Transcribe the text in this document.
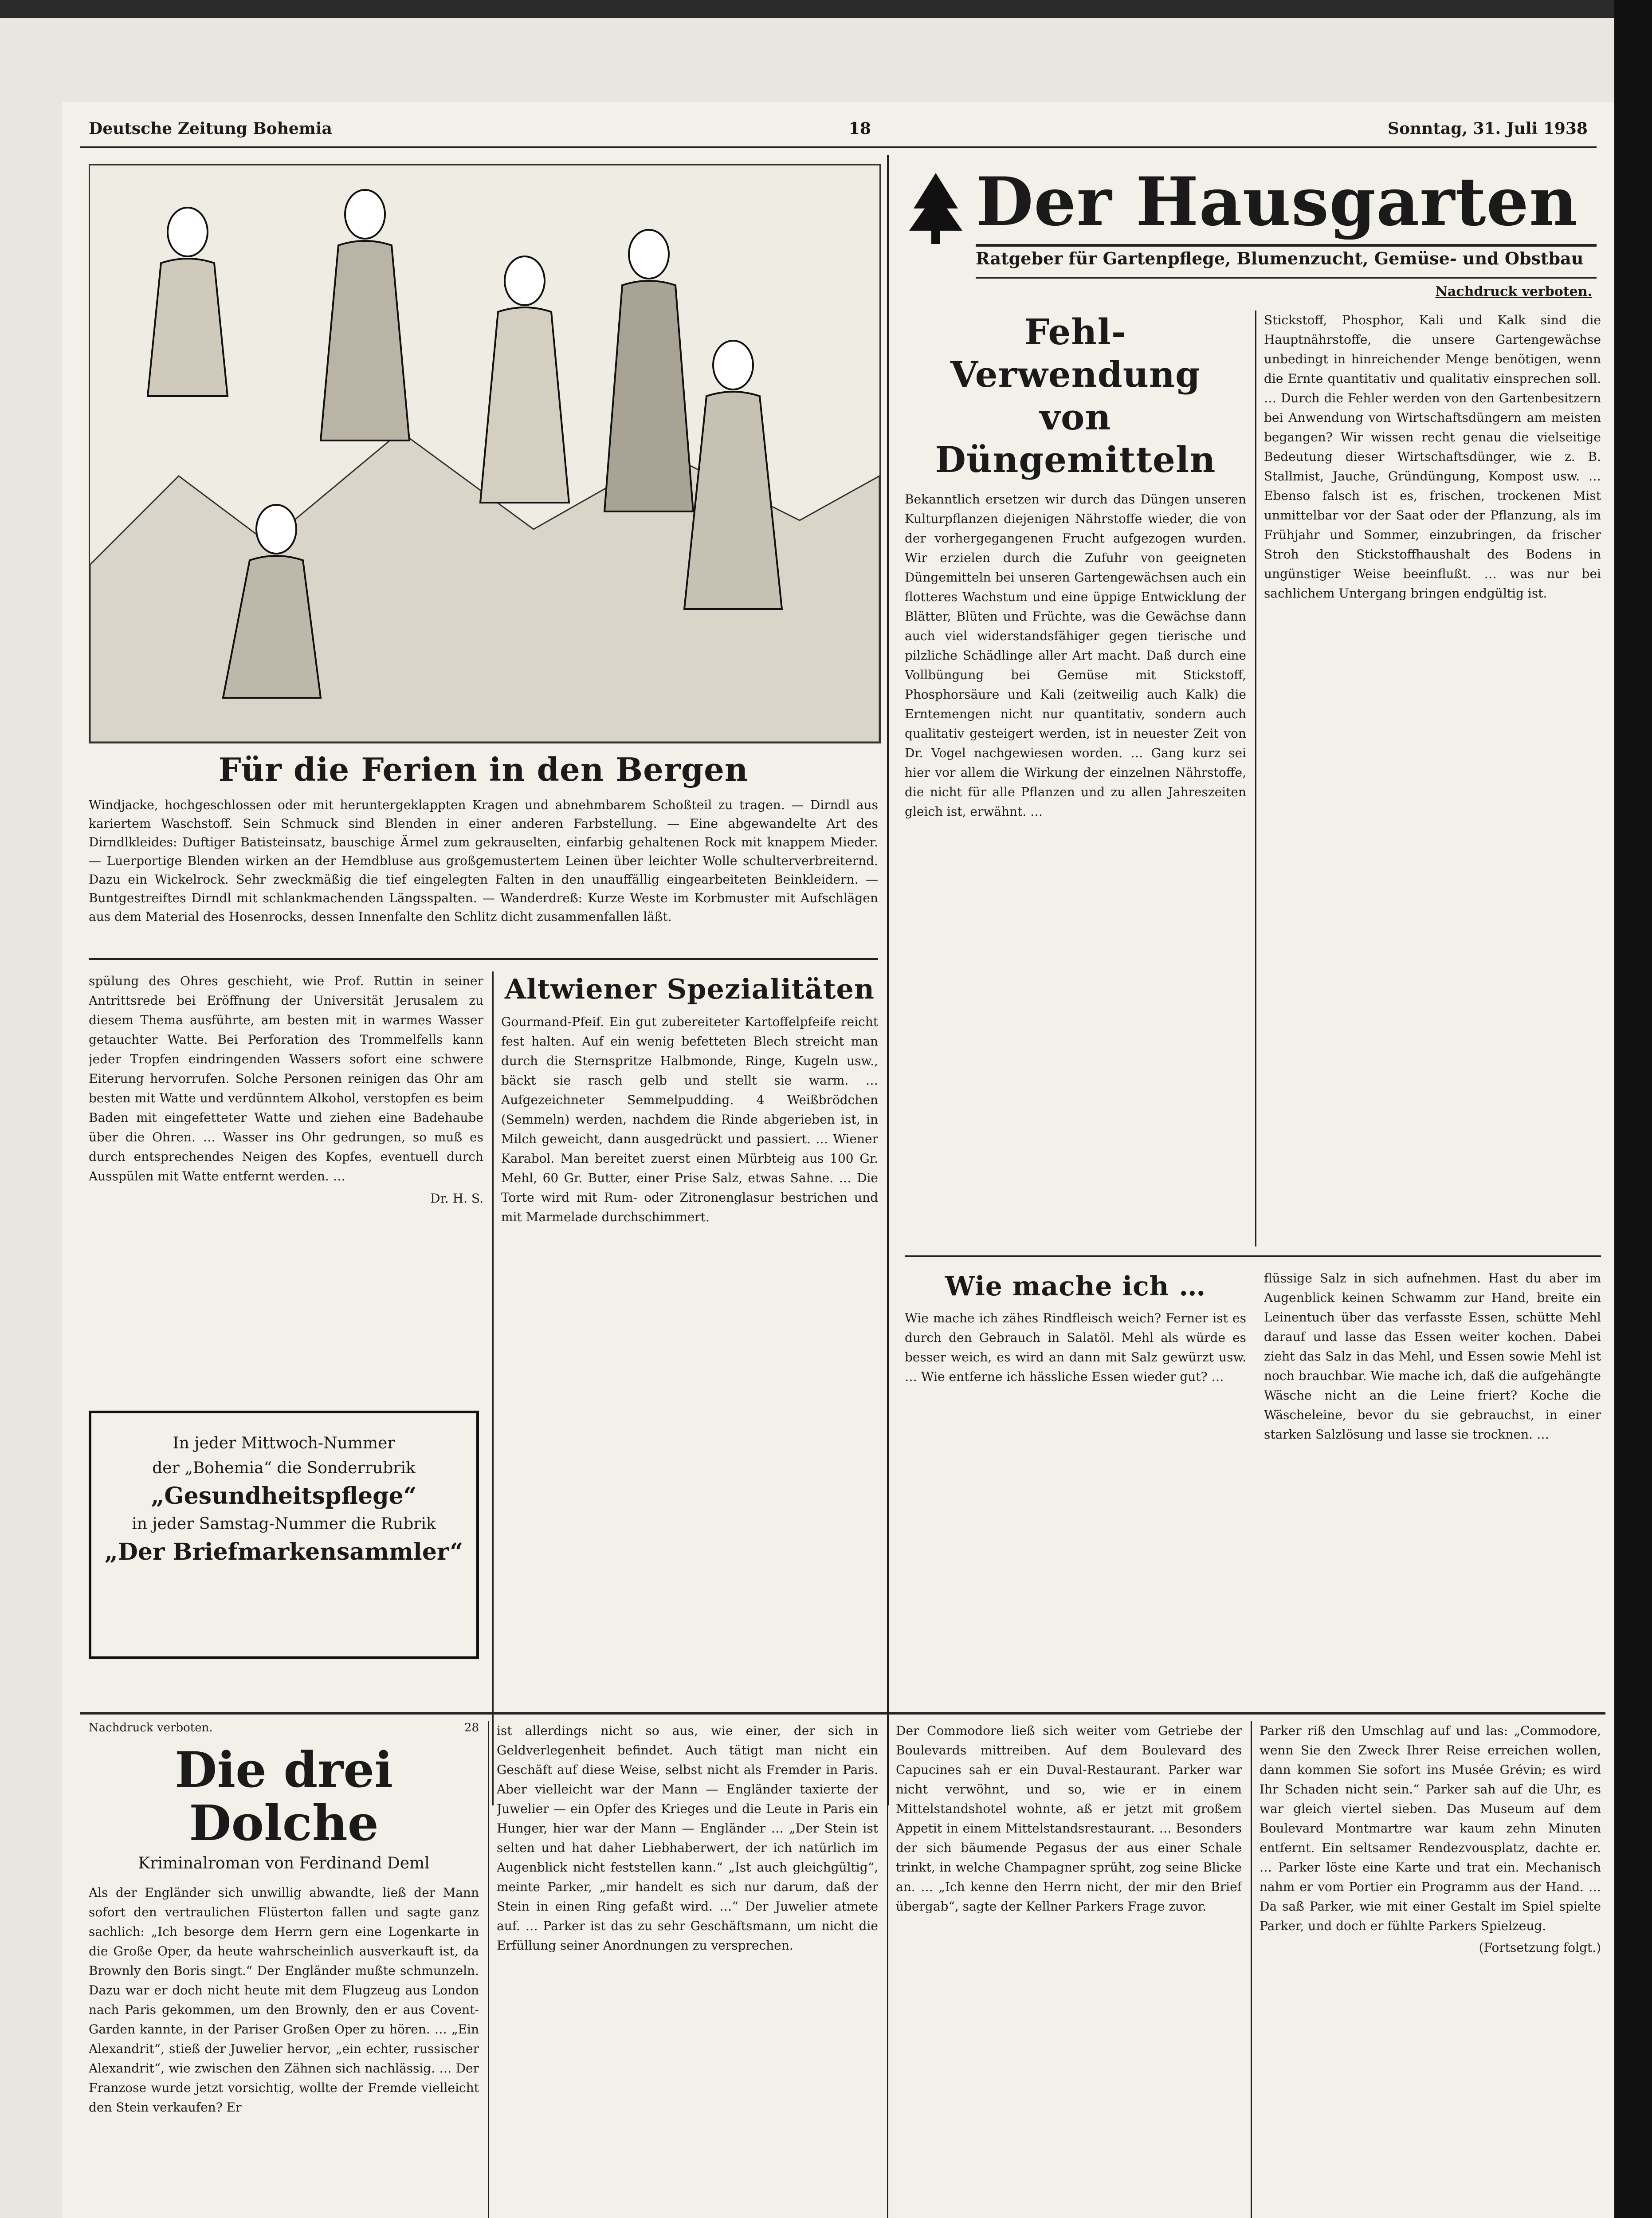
Deutsche Zeitung Bohemia	18	Sonntag, 31. Juli 1938
Für die Ferien in den Bergen
Windjacke, hochgeschlossen oder mit heruntergeklappten Kragen und abnehmbarem Schoßteil zu tragen. — Dirndl aus kariertem Waschstoff. Sein Schmuck sind Blenden in einer anderen Farbstellung. — Eine abgewandelte Art des Dirndlkleides: Duftiger Batisteinsatz, bauschige Ärmel zum gekrauselten, einfarbig gehaltenen Rock mit knappem Mieder. — Luerportige Blenden wirken an der Hemdbluse aus großgemustertem Leinen über leichter Wolle schulterverbreiternd. Dazu ein Wickelrock. Sehr zweckmäßig die tief eingelegten Falten in den unauffällig eingearbeiteten Beinkleidern. — Buntgestreiftes Dirndl mit schlankmachenden Längsspalten. — Wanderdreß: Kurze Weste im Korbmuster mit Aufschlägen aus dem Material des Hosenrocks, dessen Innenfalte den Schlitz dicht zusammenfallen läßt.
spülung des Ohres geschieht, wie Prof. Ruttin in seiner Antrittsrede bei Eröffnung der Universität Jerusalem zu diesem Thema ausführte, am besten mit in warmes Wasser getauchter Watte. Bei Perforation des Trommelfells kann jeder Tropfen eindringenden Wassers sofort eine schwere Eiterung hervorrufen. Solche Personen reinigen das Ohr am besten mit Watte und verdünntem Alkohol, verstopfen es beim Baden mit eingefetteter Watte und ziehen eine Badehaube über die Ohren. … Wasser ins Ohr gedrungen, so muß es durch entsprechendes Neigen des Kopfes, eventuell durch Ausspülen mit Watte entfernt werden. …
Dr. H. S.
Altwiener Spezialitäten
Gourmand-Pfeif. Ein gut zubereiteter Kartoffelpfeife reicht fest halten. Auf ein wenig befetteten Blech streicht man durch die Sternspritze Halbmonde, Ringe, Kugeln usw., bäckt sie rasch gelb und stellt sie warm. … Aufgezeichneter Semmelpudding. 4 Weißbrödchen (Semmeln) werden, nachdem die Rinde abgerieben ist, in Milch geweicht, dann ausgedrückt und passiert. … Wiener Karabol. Man bereitet zuerst einen Mürbteig aus 100 Gr. Mehl, 60 Gr. Butter, einer Prise Salz, etwas Sahne. … Die Torte wird mit Rum- oder Zitronenglasur bestrichen und mit Marmelade durchschimmert.
In jeder Mittwoch-Nummer
der „Bohemia“ die Sonderrubrik
„Gesundheitspflege“
in jeder Samstag-Nummer die Rubrik
„Der Briefmarkensammler“
Der Hausgarten
Ratgeber für Gartenpflege, Blumenzucht, Gemüse- und Obstbau
Nachdruck verboten.
Fehl-Verwendung
von Düngemitteln
Bekanntlich ersetzen wir durch das Düngen unseren Kulturpflanzen diejenigen Nährstoffe wieder, die von der vorhergegangenen Frucht aufgezogen wurden. Wir erzielen durch die Zufuhr von geeigneten Düngemitteln bei unseren Gartengewächsen auch ein flotteres Wachstum und eine üppige Entwicklung der Blätter, Blüten und Früchte, was die Gewächse dann auch viel widerstandsfähiger gegen tierische und pilzliche Schädlinge aller Art macht. Daß durch eine Vollbüngung bei Gemüse mit Stickstoff, Phosphorsäure und Kali (zeitweilig auch Kalk) die Ernteme‍ngen nicht nur quantitativ, sondern auch qualitativ gesteigert werden, ist in neuester Zeit von Dr. Vogel nachgewiesen worden. … Gang kurz sei hier vor allem die Wirkung der einzelnen Nährstoffe, die nicht für alle Pflanzen und zu allen Jahreszeiten gleich ist, erwähnt. …
Stickstoff, Phosphor, Kali und Kalk sind die Haupt‍nährstoffe, die unsere Gartengewächse unbedingt in hinreichender Menge benötigen, wenn die Ernte quantitativ und qualitativ einsprechen soll. … Durch die Fehler werden von den Gartenbesitzern bei Anwendung von Wirtschaftsdüngern am meisten begangen? Wir wissen recht genau die vielseitige Bedeutung dieser Wirtschaftsdünger, wie z. B. Stallmist, Jauche, Gründüngung, Kompost usw. … Ebenso falsch ist es, frischen, trockenen Mist unmittelbar vor der Saat oder der Pflanzung, als im Frühjahr und Sommer, einzubringen, da frischer Stroh den Stickstoffhaushalt des Bodens in ungünstiger Weise beeinflußt. … was nur bei sachlichem Untergang bringen endgültig ist.
Wie mache ich …
Wie mache ich zähes Rindfleisch weich? Ferner ist es durch den Gebrauch in Salatöl. Mehl als würde es besser weich, es wird an dann mit Salz gewürzt usw. … Wie entferne ich hässliche Essen wieder gut? …
flüssige Salz in sich aufnehmen. Hast du aber im Augenblick keinen Schwamm zur Hand, breite ein Leinentuch über das verfasste Essen, schütte Mehl darauf und lasse das Essen weiter kochen. Dabei zieht das Salz in das Mehl, und Essen sowie Mehl ist noch brauchbar. Wie mache ich, daß die aufgehängte Wäsche nicht an die Leine friert? Koche die Wäscheleine, bevor du sie gebrauchst, in einer starken Salzlösung und lasse sie trocknen. …
Nachdruck verboten.	28
Die drei Dolche
Kriminalroman von Ferdinand Deml
Als der Engländer sich unwillig abwandte, ließ der Mann sofort den vertraulichen Flüsterton fallen und sagte ganz sachlich: „Ich besorge dem Herrn gern eine Logenkarte in die Große Oper, da heute wahrscheinlich ausverkauft ist, da Brownly den Boris singt.“ Der Engländer mußte schmunzeln. Dazu war er doch nicht heute mit dem Flugzeug aus London nach Paris gekommen, um den Brownly, den er aus Covent-Garden kannte, in der Pariser Großen Oper zu hören. … „Ein Alexandrit“, stieß der Juwelier hervor, „ein echter, russischer Alexandrit“, wie zwischen den Zähnen sich nachlässig. … Der Franzose wurde jetzt vorsichtig, wollte der Fremde vielleicht den Stein verkaufen? Er
ist allerdings nicht so aus, wie einer, der sich in Geldverlegenheit befindet. Auch tätigt man nicht ein Geschäft auf diese Weise, selbst nicht als Fremder in Paris. Aber vielleicht war der Mann — Engländer taxierte der Juwelier — ein Opfer des Krieges und die Leute in Paris ein Hunger, hier war der Mann — Engländer … „Der Stein ist selten und hat daher Liebhaberwert, der ich natürlich im Augenblick nicht feststellen kann.“ „Ist auch gleichgültig“, meinte Parker, „mir handelt es sich nur darum, daß der Stein in einen Ring gefaßt wird. …“ Der Juwelier atmete auf. … Parker ist das zu sehr Geschäftsmann, um nicht die Erfüllung seiner Anordnungen zu versprechen.
Der Commodore ließ sich weiter vom Getriebe der Boulevards mittreiben. Auf dem Boulevard des Capucines sah er ein Duval-Restaurant. Parker war nicht verwöhnt, und so, wie er in einem Mittelstandshotel wohnte, aß er jetzt mit großem Appetit in einem Mittelstandsrestaurant. … Besonders der sich bäumende Pegasus der aus einer Schale trinkt, in welche Champagner sprüht, zog seine Blicke an. … „Ich kenne den Herrn nicht, der mir den Brief übergab“, sagte der Kellner Parkers Frage zuvor.
Parker riß den Umschlag auf und las: „Commodore, wenn Sie den Zweck Ihrer Reise erreichen wollen, dann kommen Sie sofort ins Musée Grévin; es wird Ihr Schaden nicht sein.“ Parker sah auf die Uhr, es war gleich viertel sieben. Das Museum auf dem Boulevard Montmartre war kaum zehn Minuten entfernt. Ein seltsamer Rendezvousplatz, dachte er. … Parker löste eine Karte und trat ein. Mechanisch nahm er vom Portier ein Programm aus der Hand. … Da saß Parker, wie mit einer Gestalt im Spiel spielte Parker, und doch er fühlte Parkers Spielzeug.
(Fortsetzung folgt.)
